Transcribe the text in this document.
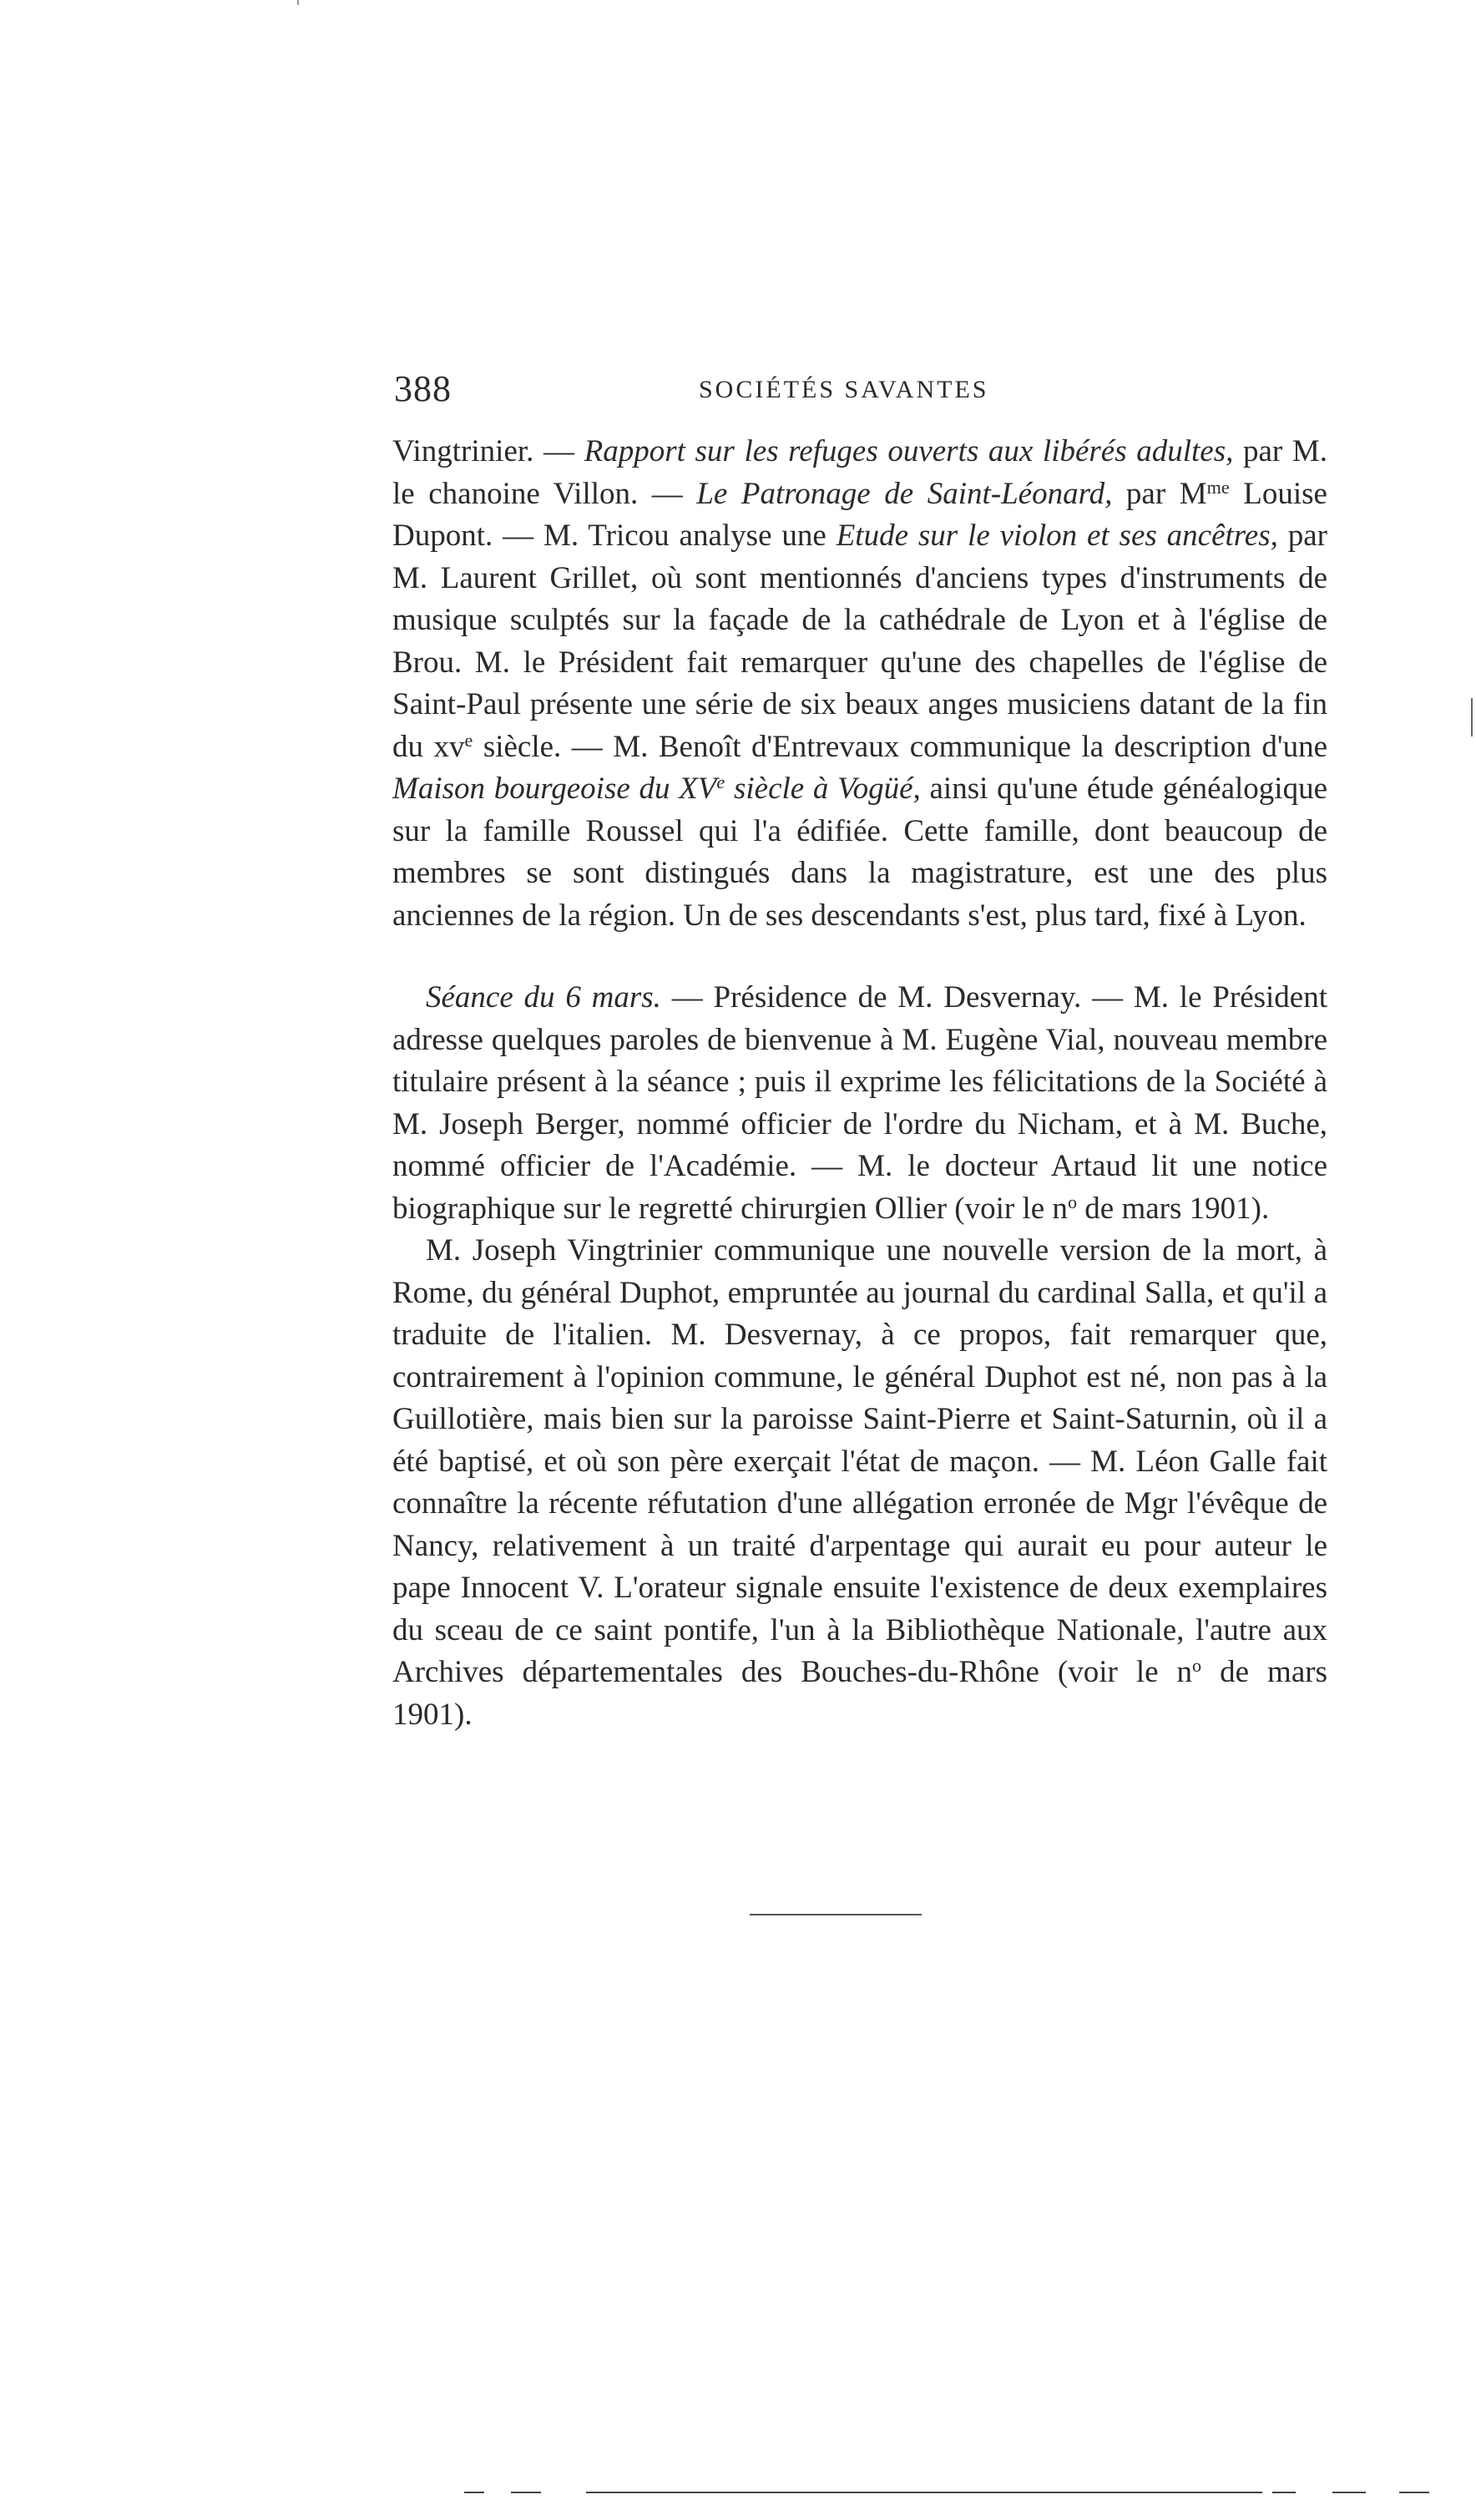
388	SOCIÉTÉS SAVANTES

Vingtrinier. — Rapport sur les refuges ouverts aux libérés adultes, par M. le chanoine Villon. — Le Patronage de Saint-Léonard, par $M^{me}$ Louise Dupont. — M. Tricou analyse une Etude sur le violon et ses ancêtres, par M. Laurent Grillet, où sont mentionnés d'anciens types d'instruments de musique sculptés sur la façade de la cathédrale de Lyon et à l'église de Brou. M. le Président fait remarquer qu'une des chapelles de l'église de Saint-Paul présente une série de six beaux anges musiciens datant de la fin du $xv^e$ siècle. — M. Benoît d'Entrevaux communique la description d'une Maison bourgeoise du XVe siècle à Vogüé, ainsi qu'une étude généalogique sur la famille Roussel qui l'a édifiée. Cette famille, dont beaucoup de membres se sont distingués dans la magistrature, est une des plus anciennes de la région. Un de ses descendants s'est, plus tard, fixé à Lyon.

Séance du 6 mars. — Présidence de M. Desvernay. — M. le Président adresse quelques paroles de bienvenue à M. Eugène Vial, nouveau membre titulaire présent à la séance ; puis il exprime les félicitations de la Société à M. Joseph Berger, nommé officier de l'ordre du Nicham, et à M. Buche, nommé officier de l'Académie. — M. le docteur Artaud lit une notice biographique sur le regretté chirurgien Ollier (voir le $n^o$ de mars 1901).

M. Joseph Vingtrinier communique une nouvelle version de la mort, à Rome, du général Duphot, empruntée au journal du cardinal Salla, et qu'il a traduite de l'italien. M. Desvernay, à ce propos, fait remarquer que, contrairement à l'opinion commune, le général Duphot est né, non pas à la Guillotière, mais bien sur la paroisse Saint-Pierre et Saint-Saturnin, où il a été baptisé, et où son père exerçait l'état de maçon. — M. Léon Galle fait connaître la récente réfutation d'une allégation erronée de Mgr l'évêque de Nancy, relativement à un traité d'arpentage qui aurait eu pour auteur le pape Innocent V. L'orateur signale ensuite l'existence de deux exemplaires du sceau de ce saint pontife, l'un à la Bibliothèque Nationale, l'autre aux Archives départementales des Bouches-du-Rhône (voir le $n^o$ de mars 1901).
